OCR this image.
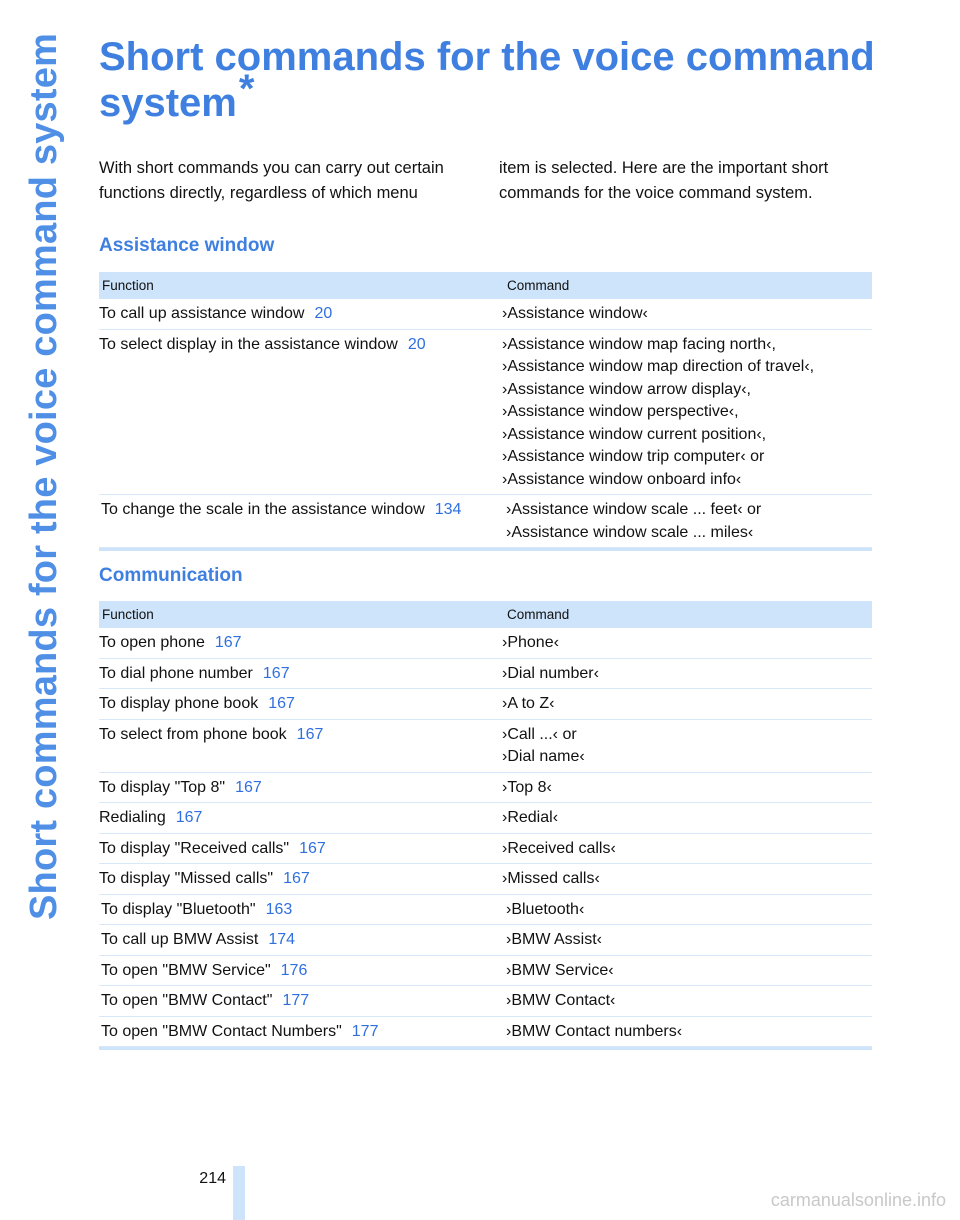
Short commands for the voice command system Short commands for the voice command system*
With short commands you can carry out certain functions directly, regardless of which menu
item is selected. Here are the important short commands for the voice command system.
Assistance window
Function	Command
To call up assistance window 20	›Assistance window‹
To select display in the assistance window 20	›Assistance window map facing north‹,
›Assistance window map direction of travel‹,
›Assistance window arrow display‹,
›Assistance window perspective‹,
›Assistance window current position‹,
›Assistance window trip computer‹ or
›Assistance window onboard info‹
To change the scale in the assistance window 134	›Assistance window scale ... feet‹ or
›Assistance window scale ... miles‹
Communication
Function	Command
To open phone 167	›Phone‹
To dial phone number 167	›Dial number‹
To display phone book 167	›A to Z‹
To select from phone book 167	›Call ...‹ or
›Dial name‹
To display "Top 8" 167	›Top 8‹
Redialing 167	›Redial‹
To display "Received calls" 167	›Received calls‹
To display "Missed calls" 167	›Missed calls‹
To display "Bluetooth" 163	›Bluetooth‹
To call up BMW Assist 174	›BMW Assist‹
To open "BMW Service" 176	›BMW Service‹
To open "BMW Contact" 177	›BMW Contact‹
To open "BMW Contact Numbers" 177	›BMW Contact numbers‹
214
carmanualsonline.info
